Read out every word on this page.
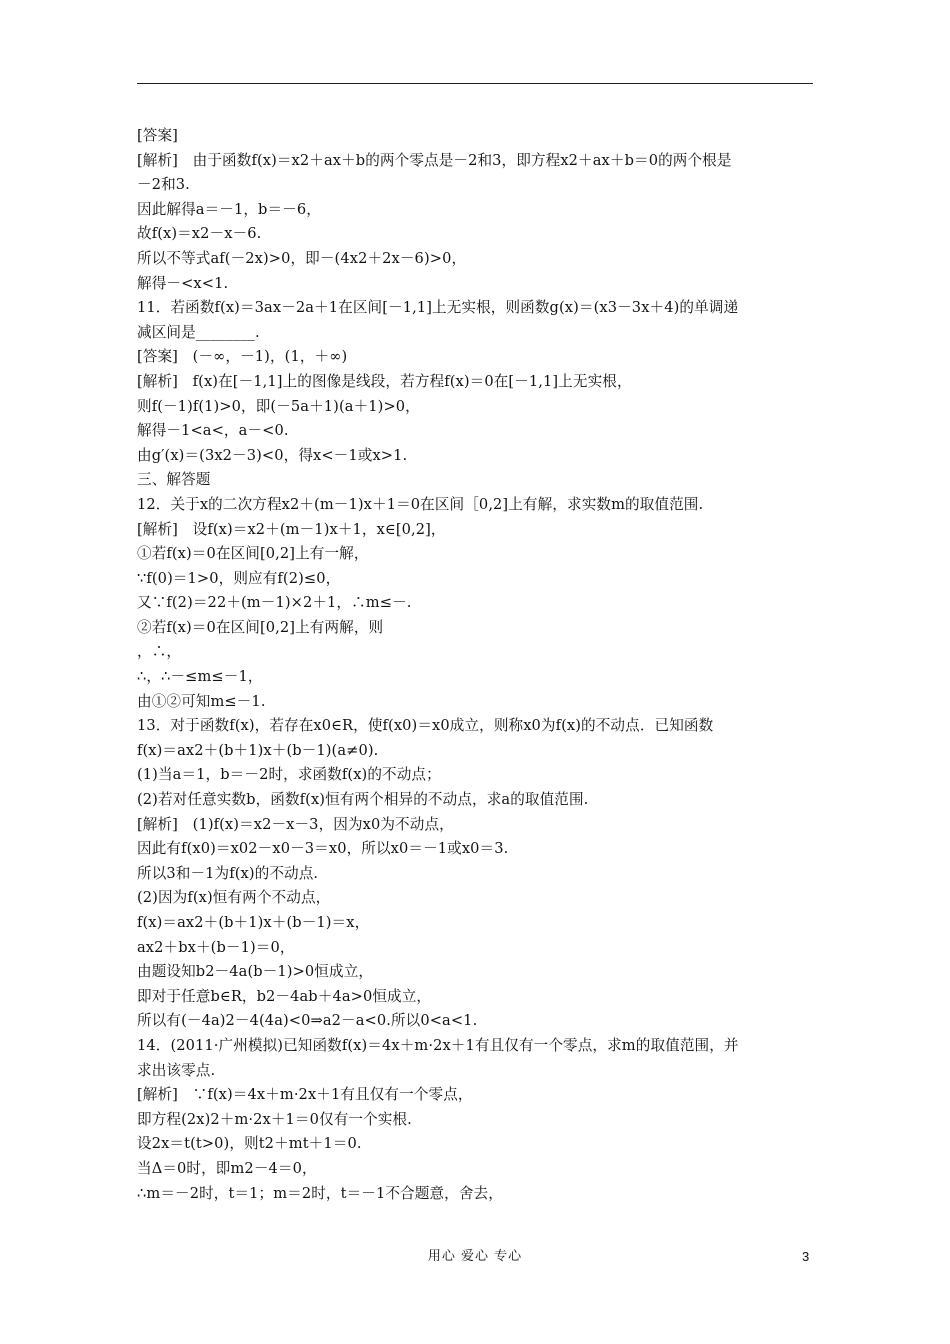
[答案]
[解析]　由于函数f(x)＝x2＋ax＋b的两个零点是－2和3，即方程x2＋ax＋b＝0的两个根是
－2和3.
因此解得a＝－1，b＝－6，
故f(x)＝x2－x－6.
所以不等式af(－2x)>0，即－(4x2＋2x－6)>0，
解得－<x<1.
11．若函数f(x)＝3ax－2a＋1在区间[－1,1]上无实根，则函数g(x)＝(x3－3x＋4)的单调递
减区间是________.
[答案]　(－∞，－1)，(1，＋∞)
[解析]　f(x)在[－1,1]上的图像是线段，若方程f(x)＝0在[－1,1]上无实根，
则f(－1)f(1)>0，即(－5a＋1)(a＋1)>0，
解得－1<a<，a－<0.
由g′(x)＝(3x2－3)<0，得x<－1或x>1.
三、解答题
12．关于x的二次方程x2＋(m－1)x＋1＝0在区间［0,2]上有解，求实数m的取值范围.
[解析]　设f(x)＝x2＋(m－1)x＋1，x∈[0,2]，
①若f(x)＝0在区间[0,2]上有一解，
∵f(0)＝1>0，则应有f(2)≤0，
又∵f(2)＝22＋(m－1)×2＋1，∴m≤－.
②若f(x)＝0在区间[0,2]上有两解，则
，∴，
∴，∴－≤m≤－1，
由①②可知m≤－1.
13．对于函数f(x)，若存在x0∈R，使f(x0)＝x0成立，则称x0为f(x)的不动点．已知函数
f(x)＝ax2＋(b＋1)x＋(b－1)(a≠0).
(1)当a＝1，b＝－2时，求函数f(x)的不动点；
(2)若对任意实数b，函数f(x)恒有两个相异的不动点，求a的取值范围.
[解析]　(1)f(x)＝x2－x－3，因为x0为不动点，
因此有f(x0)＝x02－x0－3＝x0，所以x0＝－1或x0＝3.
所以3和－1为f(x)的不动点.
(2)因为f(x)恒有两个不动点，
f(x)＝ax2＋(b＋1)x＋(b－1)＝x，
ax2＋bx＋(b－1)＝0，
由题设知b2－4a(b－1)>0恒成立，
即对于任意b∈R，b2－4ab＋4a>0恒成立，
所以有(－4a)2－4(4a)<0⇒a2－a<0.所以0<a<1.
14．(2011·广州模拟)已知函数f(x)＝4x＋m·2x＋1有且仅有一个零点，求m的取值范围，并
求出该零点.
[解析]　∵f(x)＝4x＋m·2x＋1有且仅有一个零点，
即方程(2x)2＋m·2x＋1＝0仅有一个实根.
设2x＝t(t>0)，则t2＋mt＋1＝0.
当Δ＝0时，即m2－4＝0，
∴m＝－2时，t＝1；m＝2时，t＝－1不合题意，舍去，
用心 爱心 专心	3
